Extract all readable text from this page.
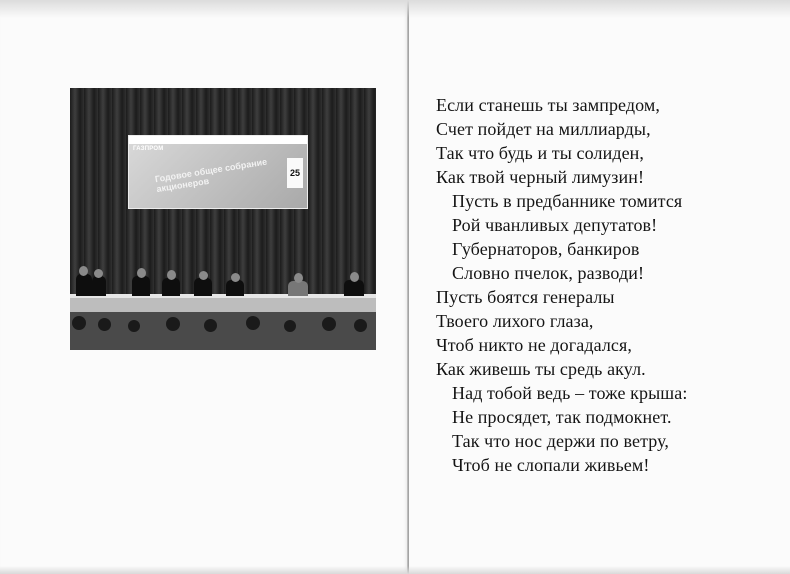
ГАЗПРОМ
Годовое общее собрание акционеров
25
Если станешь ты зампредом,
Счет пойдет на миллиарды,
Так что будь и ты солиден,
Как твой черный лимузин!
Пусть в предбаннике томится
Рой чванливых депутатов!
Губернаторов, банкиров
Словно пчелок, разводи!
Пусть боятся генералы
Твоего лихого глаза,
Чтоб никто не догадался,
Как живешь ты средь акул.
Над тобой ведь – тоже крыша:
Не просядет, так подмокнет.
Так что нос держи по ветру,
Чтоб не слопали живьем!
